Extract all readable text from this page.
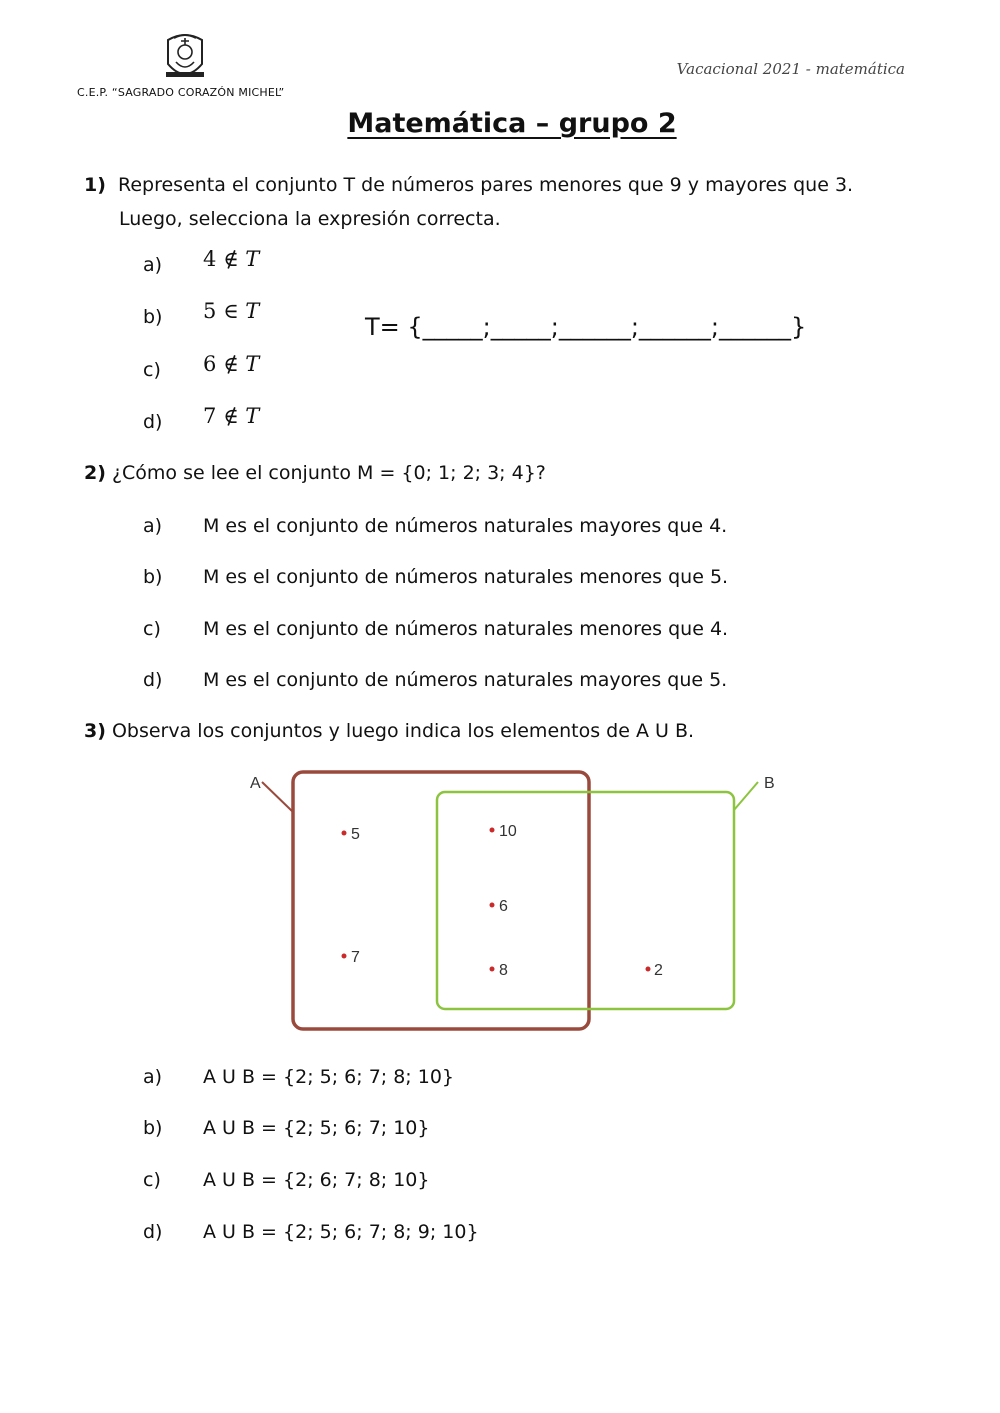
C.E.P. “SAGRADO CORAZÓN MICHEL”
Vacacional 2021 - matemática
Matemática – grupo 2
1) Representa el conjunto T de números pares menores que 9 y mayores que 3.
Luego, selecciona la expresión correcta.
a) 4 ∉ T
b) 5 ∈ T
c) 6 ∉ T
d) 7 ∉ T
T= {_____;_____;______;______;______}
2) ¿Cómo se lee el conjunto M = {0; 1; 2; 3; 4}?
a) M es el conjunto de números naturales mayores que 4.
b) M es el conjunto de números naturales menores que 5.
c) M es el conjunto de números naturales menores que 4.
d) M es el conjunto de números naturales mayores que 5.
3) Observa los conjuntos y luego indica los elementos de A U B.
A	B
5
7
10
6
8	2
a) A U B = {2; 5; 6; 7; 8; 10}
b) A U B = {2; 5; 6; 7; 10}
c) A U B = {2; 6; 7; 8; 10}
d) A U B = {2; 5; 6; 7; 8; 9; 10}
